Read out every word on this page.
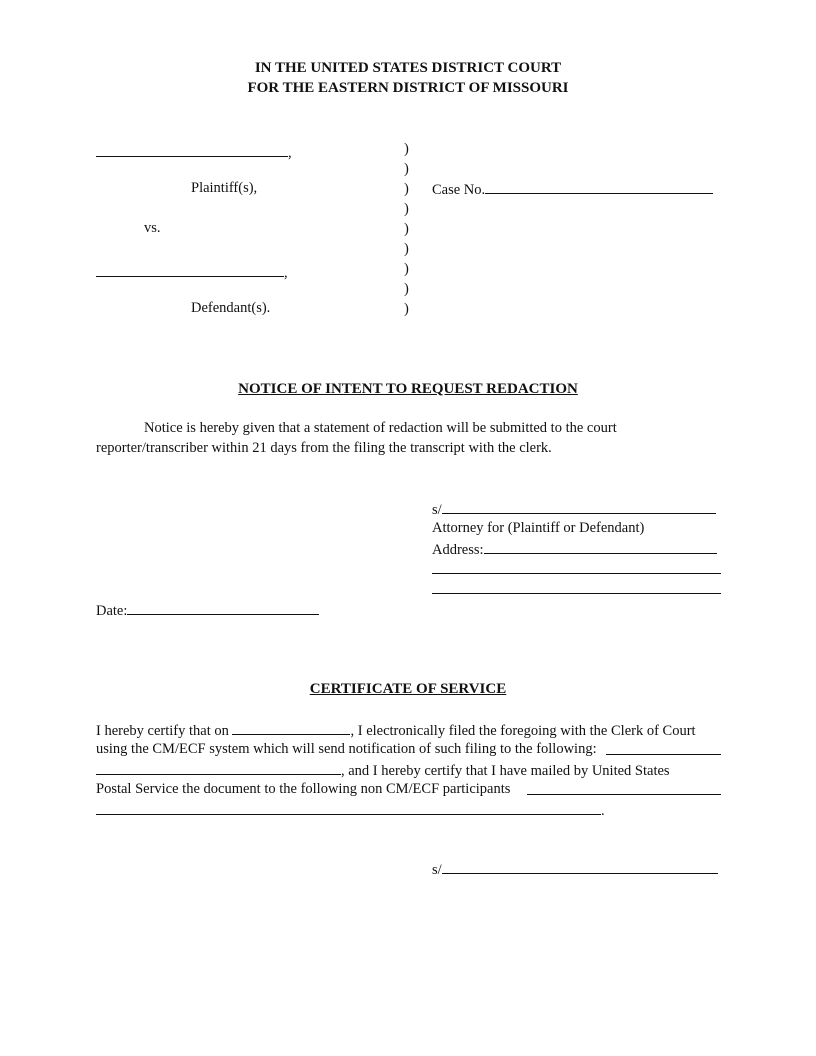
IN THE UNITED STATES DISTRICT COURT
FOR THE EASTERN DISTRICT OF MISSOURI
,
Plaintiff(s),
vs.
,
Defendant(s).
)
)
)
)
)
)
)
)
)
Case No.
NOTICE OF INTENT TO REQUEST REDACTION
Notice is hereby given that a statement of redaction will be submitted to the court
reporter/transcriber within 21 days from the filing the transcript with the clerk.
s/
Attorney for (Plaintiff or Defendant)
Address:
Date:
CERTIFICATE OF SERVICE
I hereby certify that on	, I electronically filed the foregoing with the Clerk of Court
using the CM/ECF system which will send notification of such filing to the following:
, and I hereby certify that I have mailed by United States
Postal Service the document to the following non CM/ECF participants
.
s/
